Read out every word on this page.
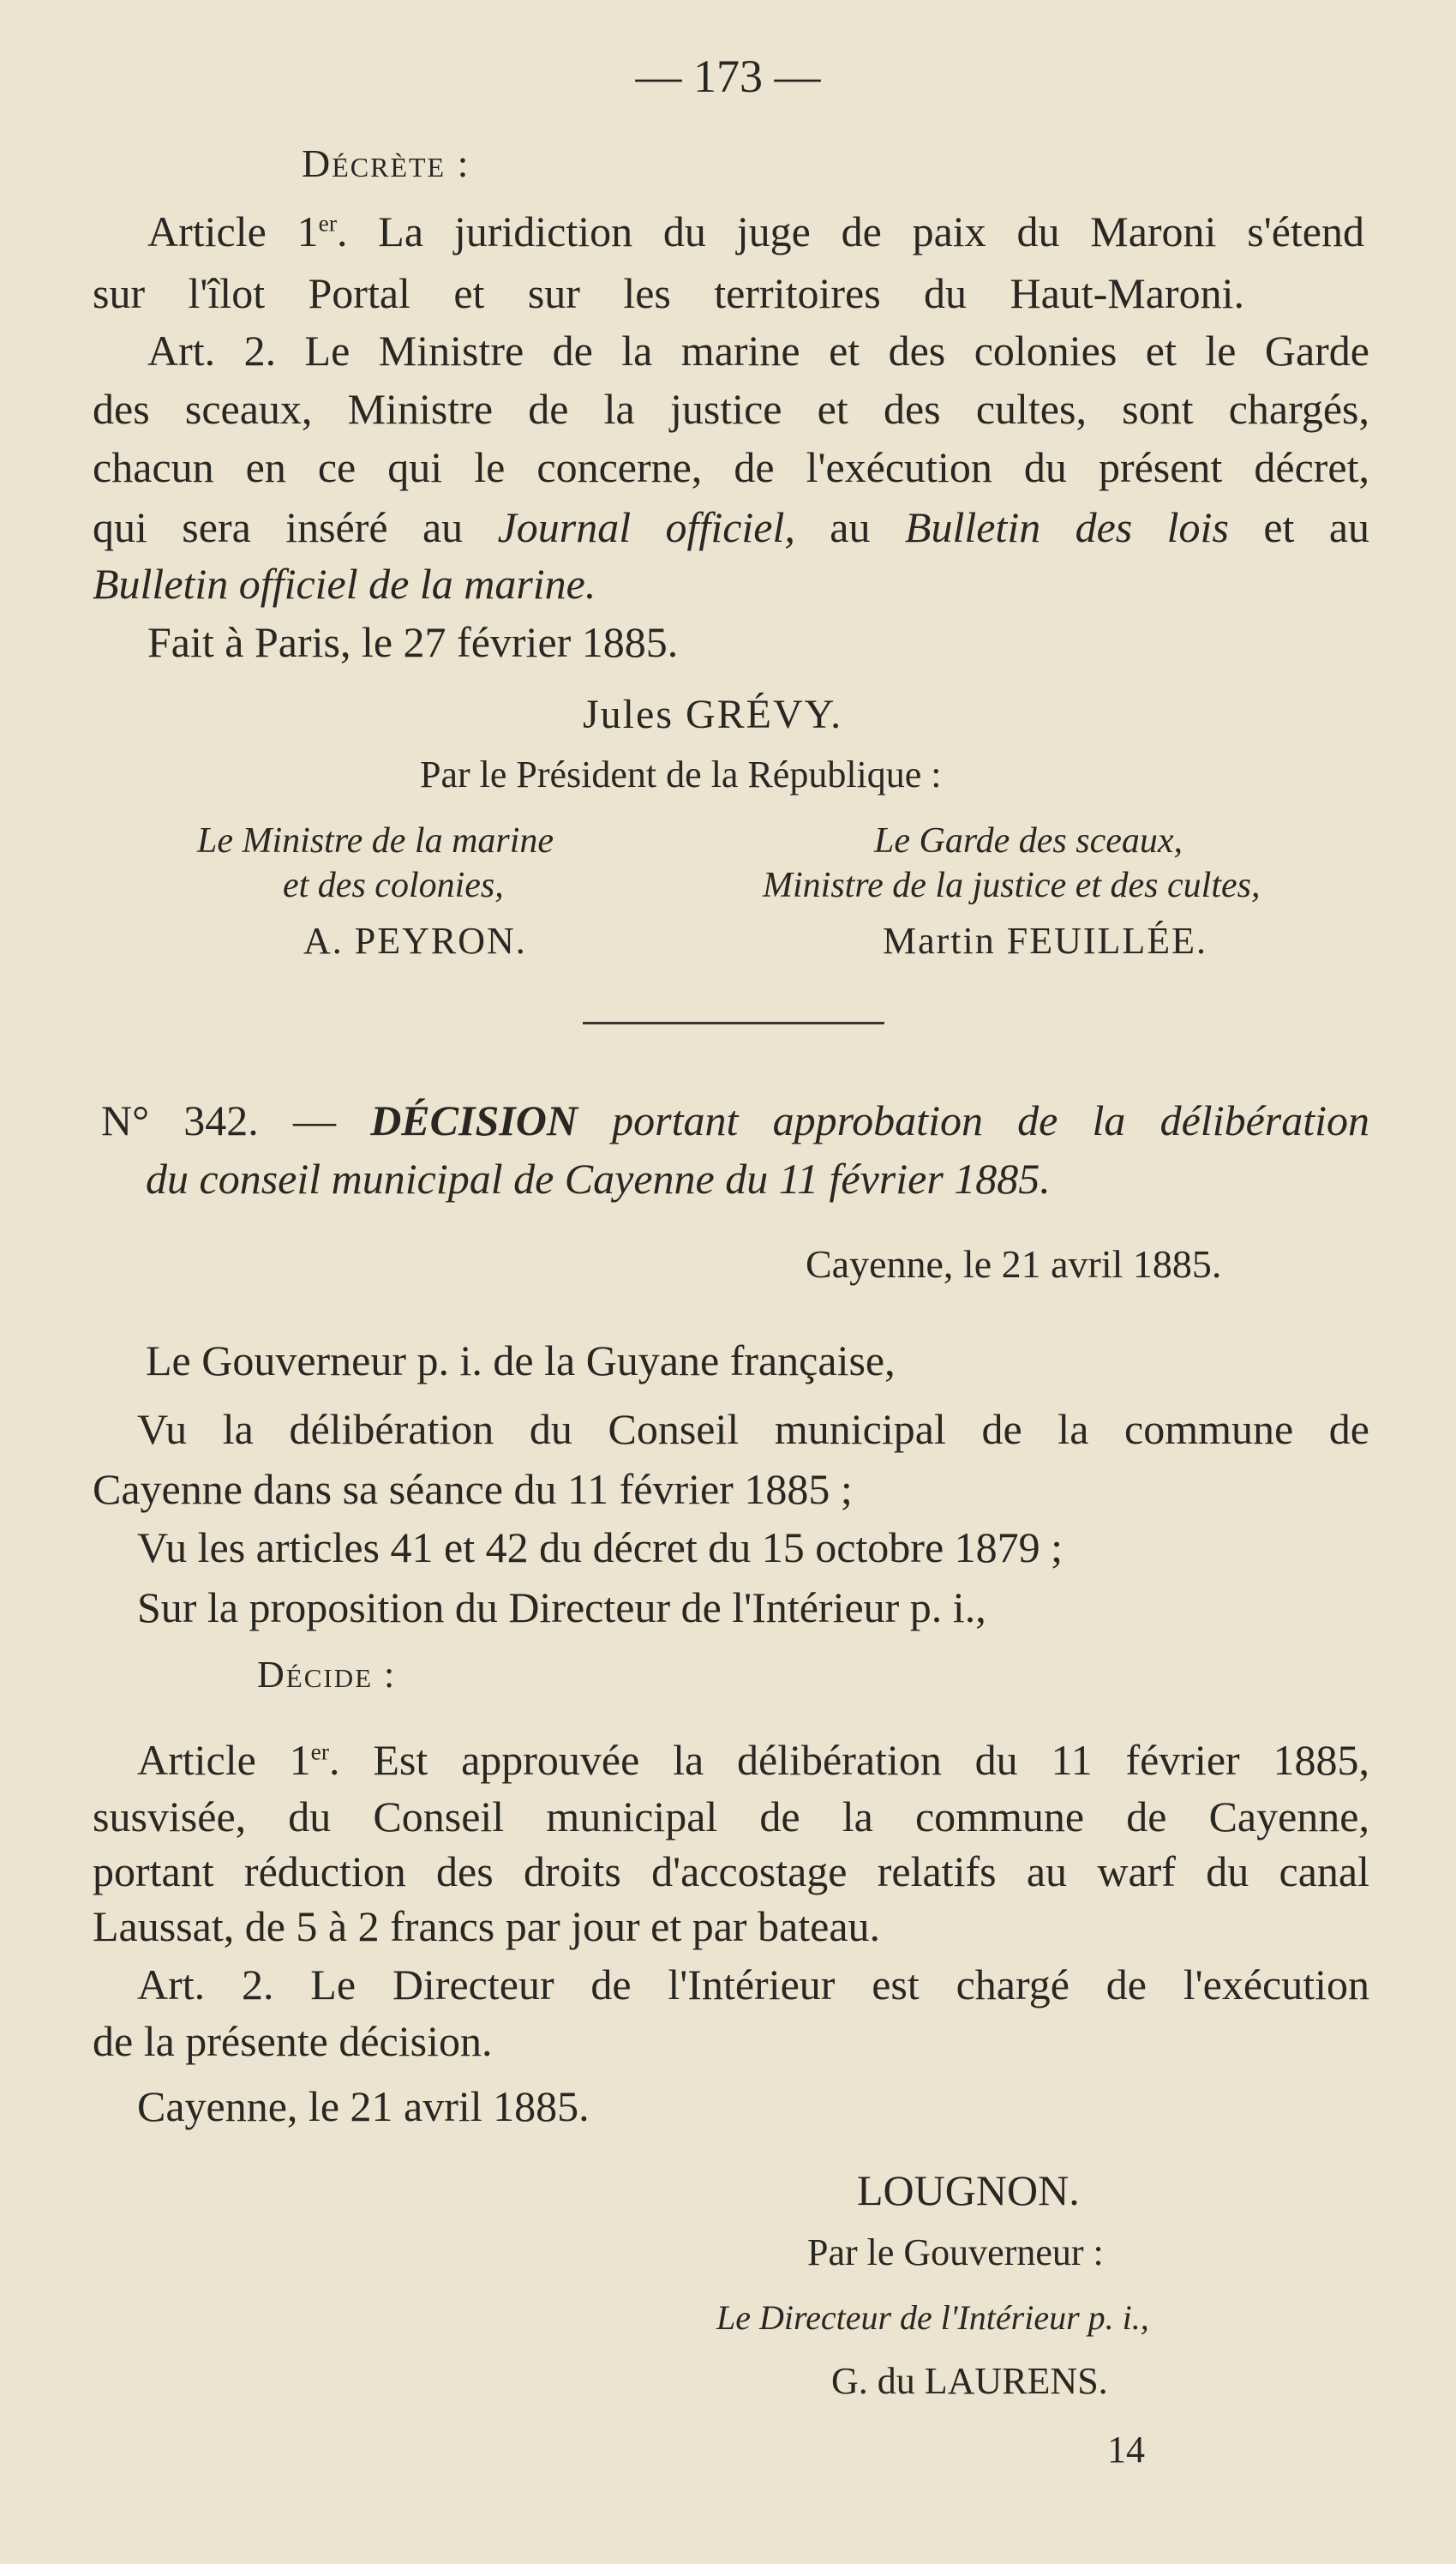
— 173 —
Décrète :
Article 1er. La juridiction du juge de paix du Maroni s'étend
sur l'îlot Portal et sur les territoires du Haut-Maroni.
Art. 2. Le Ministre de la marine et des colonies et le Garde
des sceaux, Ministre de la justice et des cultes, sont chargés,
chacun en ce qui le concerne, de l'exécution du présent décret,
qui sera inséré au Journal officiel, au Bulletin des lois et au
Bulletin officiel de la marine.
Fait à Paris, le 27 février 1885.
Jules GRÉVY.
Par le Président de la République :
Le Ministre de la marine
et des colonies,
A. PEYRON.
Le Garde des sceaux,
Ministre de la justice et des cultes,
Martin FEUILLÉE.
N° 342. — DÉCISION portant approbation de la délibération
du conseil municipal de Cayenne du 11 février 1885.
Cayenne, le 21 avril 1885.
Le Gouverneur p. i. de la Guyane française,
Vu la délibération du Conseil municipal de la commune de
Cayenne dans sa séance du 11 février 1885 ;
Vu les articles 41 et 42 du décret du 15 octobre 1879 ;
Sur la proposition du Directeur de l'Intérieur p. i.,
Décide :
Article 1er. Est approuvée la délibération du 11 février 1885,
susvisée, du Conseil municipal de la commune de Cayenne,
portant réduction des droits d'accostage relatifs au warf du canal
Laussat, de 5 à 2 francs par jour et par bateau.
Art. 2. Le Directeur de l'Intérieur est chargé de l'exécution
de la présente décision.
Cayenne, le 21 avril 1885.
LOUGNON.
Par le Gouverneur :
Le Directeur de l'Intérieur p. i.,
G. du LAURENS.
14
